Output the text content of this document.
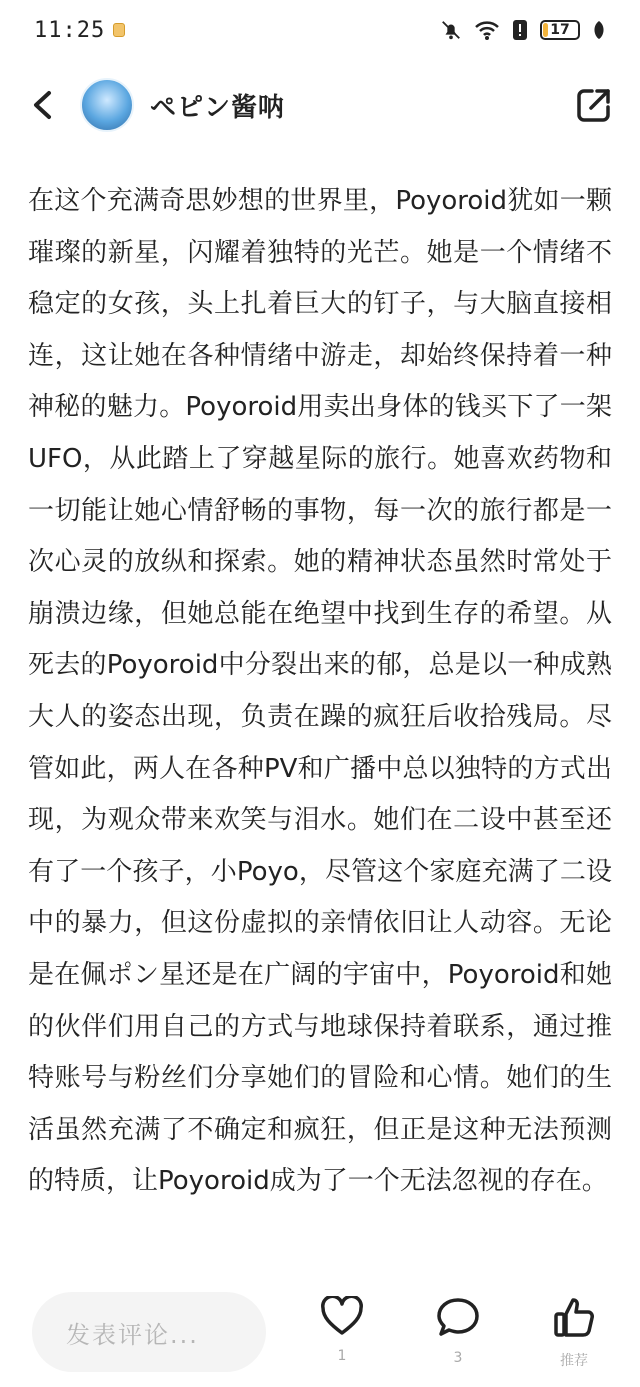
11:25	17
ペピン酱呐

在这个充满奇思妙想的世界里，Poyoroid犹如一颗璀璨的新星，闪耀着独特的光芒。她是一个情绪不稳定的女孩，头上扎着巨大的钉子，与大脑直接相连，这让她在各种情绪中游走，却始终保持着一种神秘的魅力。Poyoroid用卖出身体的钱买下了一架UFO，从此踏上了穿越星际的旅行。她喜欢药物和一切能让她心情舒畅的事物，每一次的旅行都是一次心灵的放纵和探索。她的精神状态虽然时常处于崩溃边缘，但她总能在绝望中找到生存的希望。从死去的Poyoroid中分裂出来的郁，总是以一种成熟大人的姿态出现，负责在躁的疯狂后收拾残局。尽管如此，两人在各种PV和广播中总以独特的方式出现，为观众带来欢笑与泪水。她们在二设中甚至还有了一个孩子，小Poyo，尽管这个家庭充满了二设中的暴力，但这份虚拟的亲情依旧让人动容。无论是在佩ポン星还是在广阔的宇宙中，Poyoroid和她的伙伴们用自己的方式与地球保持着联系，通过推特账号与粉丝们分享她们的冒险和心情。她们的生活虽然充满了不确定和疯狂，但正是这种无法预测的特质，让Poyoroid成为了一个无法忽视的存在。

发表评论...
1	3	推荐
